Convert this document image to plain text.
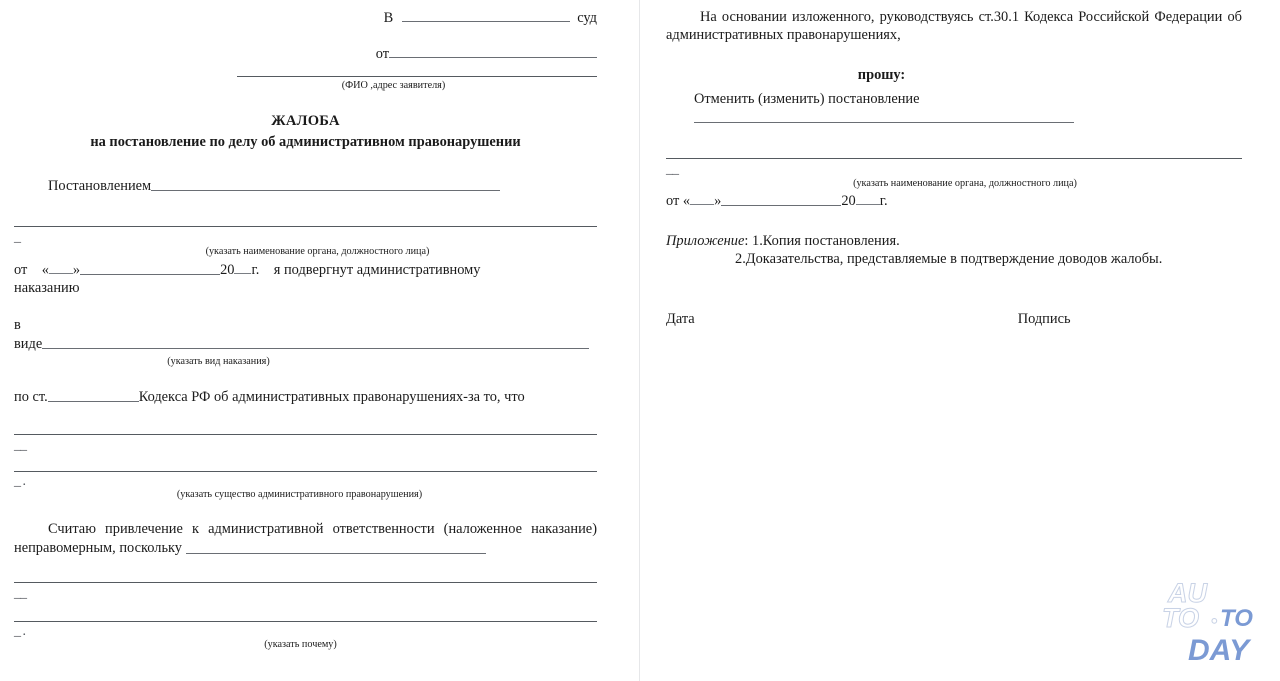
В	суд
от
(ФИО ,адрес заявителя)
ЖАЛОБА
на постановление по делу об административном правонарушении
Постановлением
_
(указать наименование органа, должностного лица)
от « »	20 г. я подвергнут административному
наказанию
в
виде
(указать вид наказания)
по ст.	Кодекса РФ об административных правонарушениях-за то, что
__
_ .
(указать существо административного правонарушения)
Считаю привлечение к административной ответственности (наложенное наказание) неправомерным, поскольку
__
_ .
(указать почему)
На основании изложенного, руководствуясь ст.30.1 Кодекса Российской Федерации об административных правонарушениях,
прошу:
Отменить (изменить) постановление
__
(указать наименование органа, должностного лица)
от « »	20 г.
Приложение: 1.Копия постановления.
2.Доказательства, представляемые в подтверждение доводов жалобы.
Дата	Подпись
AU
TO ● TO
DAY
